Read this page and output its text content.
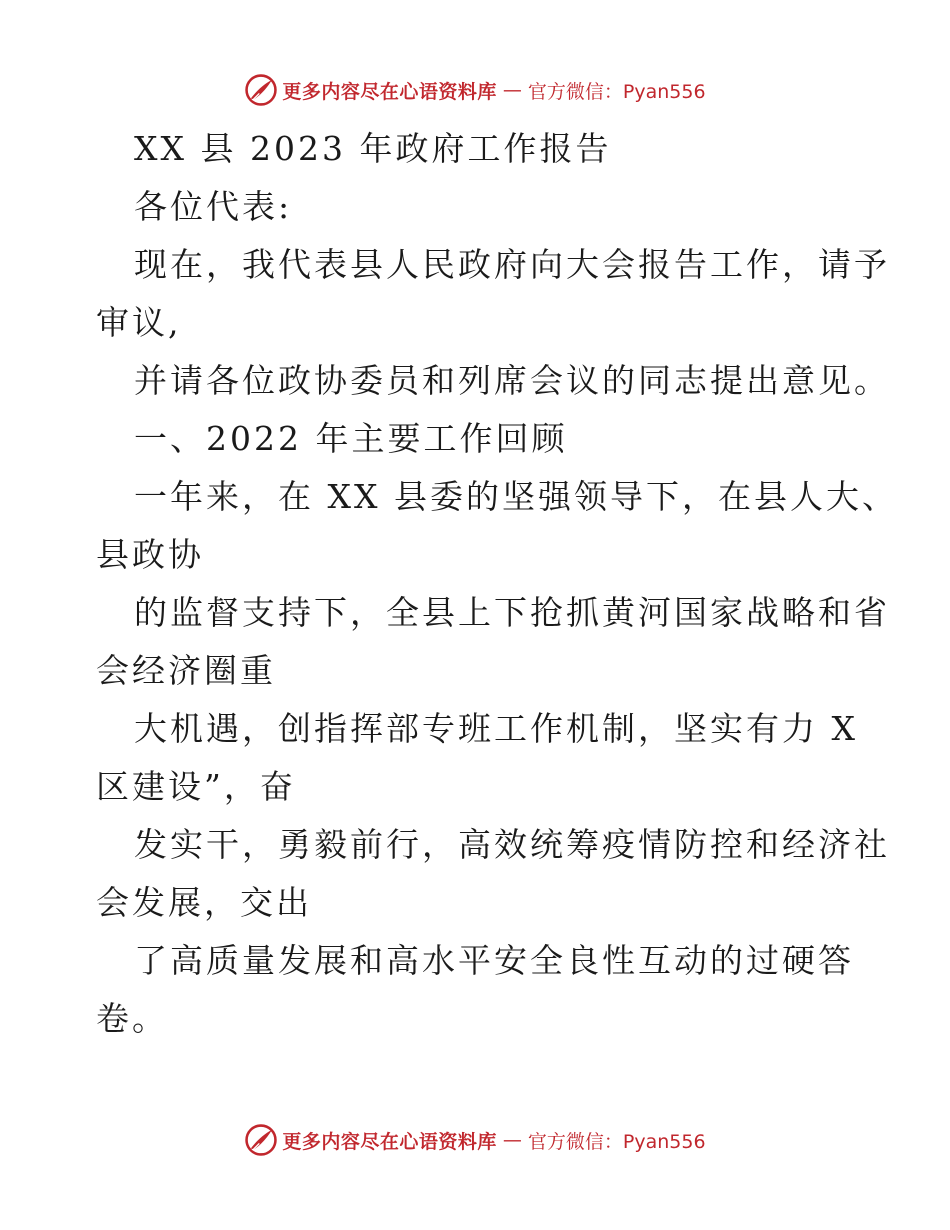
更多内容尽在心语资料库 — 官方微信：Pyan556
XX 县 2023 年政府工作报告
各位代表:
现在，我代表县人民政府向大会报告工作，请予
审议,
并请各位政协委员和列席会议的同志提出意见。
一、2022 年主要工作回顾
一年来，在 XX 县委的坚强领导下，在县人大、
县政协
的监督支持下，全县上下抢抓黄河国家战略和省
会经济圈重
大机遇，创指挥部专班工作机制，坚实有力 X
区建设”，奋
发实干，勇毅前行，高效统筹疫情防控和经济社
会发展，交出
了高质量发展和高水平安全良性互动的过硬答
卷。
更多内容尽在心语资料库 — 官方微信：Pyan556
